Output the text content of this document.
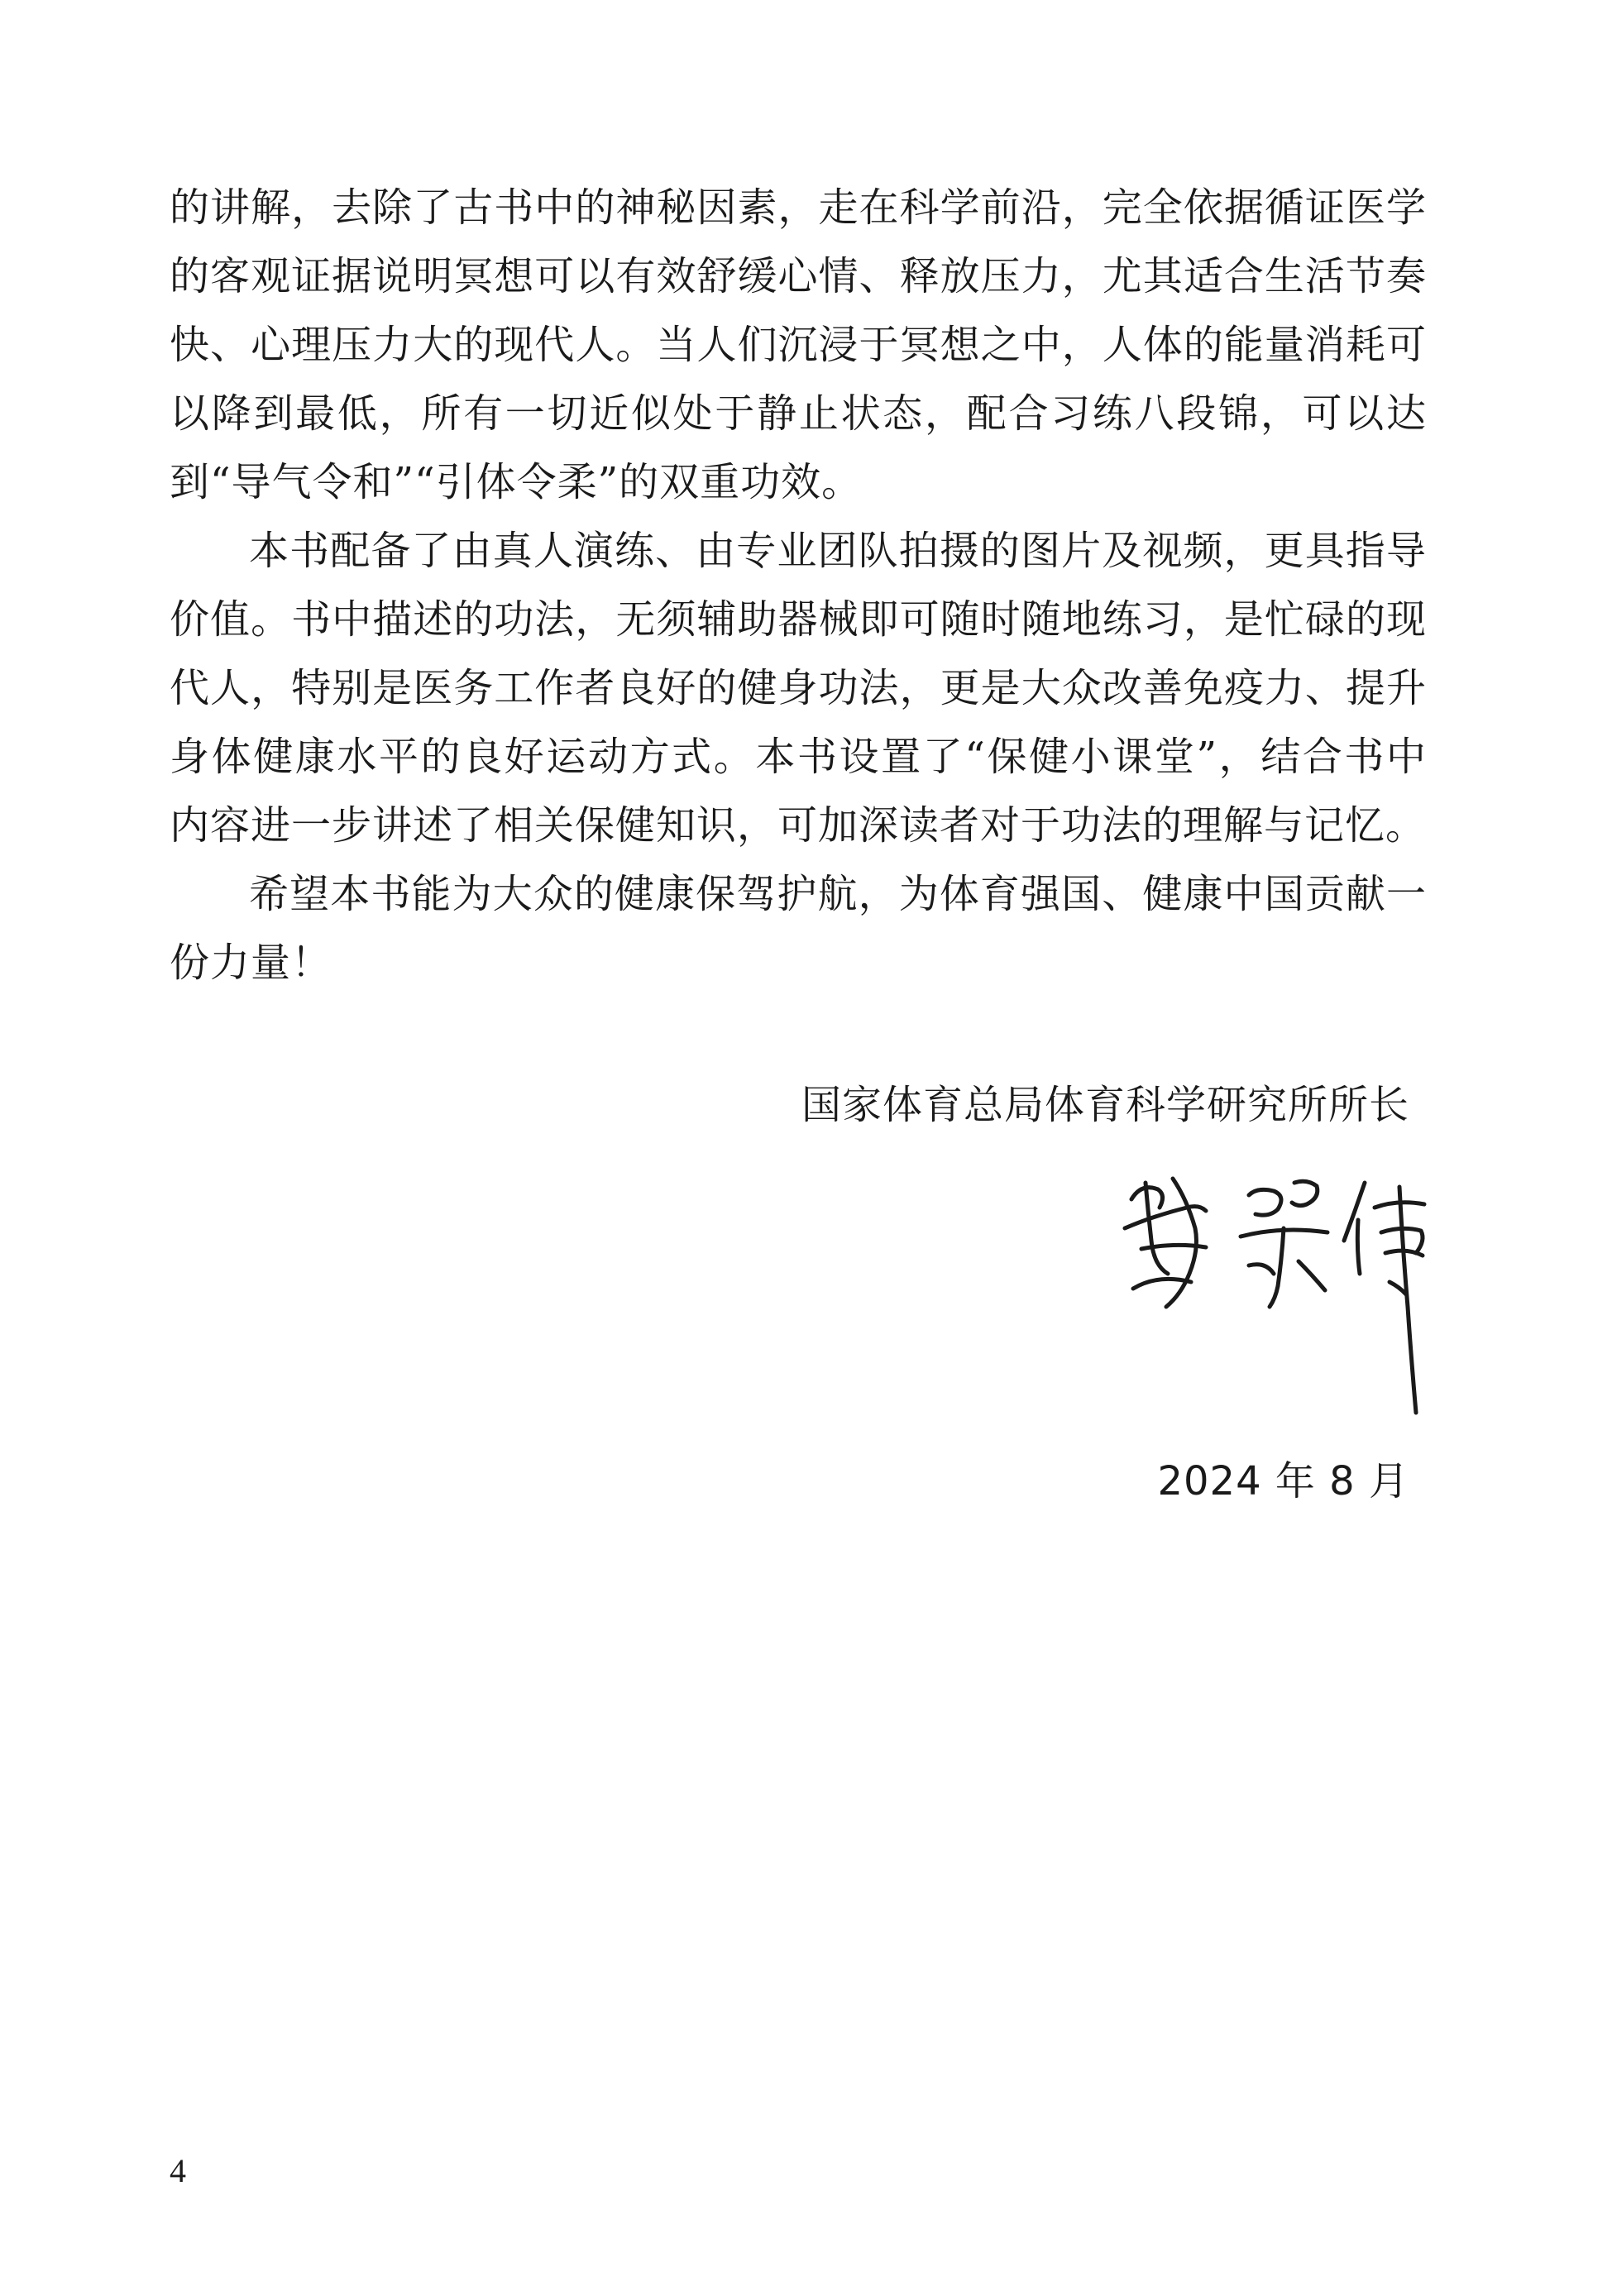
的讲解，去除了古书中的神秘因素，走在科学前沿，完全依据循证医学的客观证据说明冥想可以有效舒缓心情、释放压力，尤其适合生活节奏快、心理压力大的现代人。当人们沉浸于冥想之中，人体的能量消耗可以降到最低，所有一切近似处于静止状态，配合习练八段锦，可以达到“导气令和”“引体令柔”的双重功效。

本书配备了由真人演练、由专业团队拍摄的图片及视频，更具指导价值。书中描述的功法，无须辅助器械即可随时随地练习，是忙碌的现代人，特别是医务工作者良好的健身功法，更是大众改善免疫力、提升身体健康水平的良好运动方式。本书设置了“保健小课堂”，结合书中内容进一步讲述了相关保健知识，可加深读者对于功法的理解与记忆。

希望本书能为大众的健康保驾护航，为体育强国、健康中国贡献一份力量！

国家体育总局体育科学研究所所长
2024 年 8 月
4
